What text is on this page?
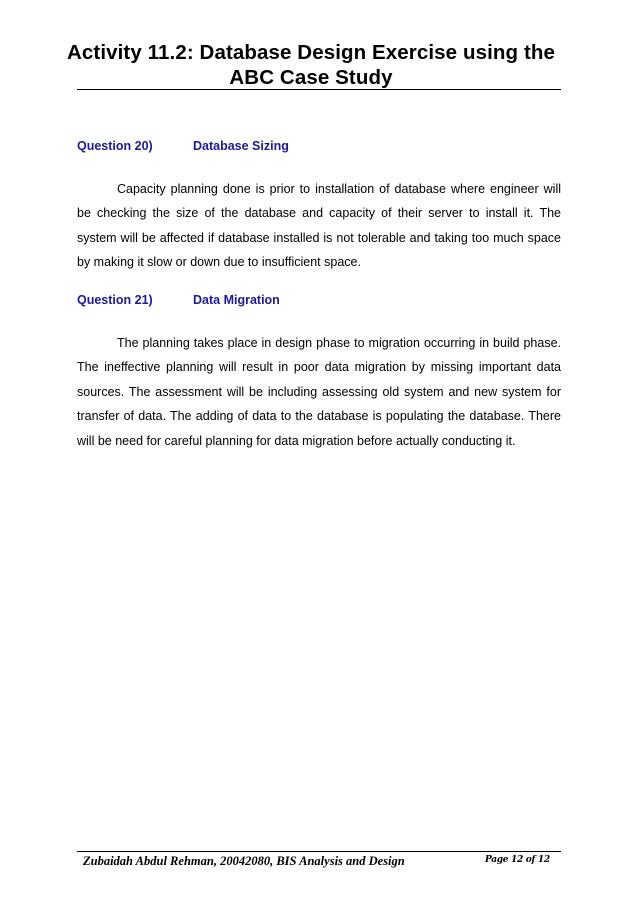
Activity 11.2: Database Design Exercise using the ABC Case Study
Question 20)	Database Sizing

Capacity planning done is prior to installation of database where engineer will be checking the size of the database and capacity of their server to install it. The system will be affected if database installed is not tolerable and taking too much space by making it slow or down due to insufficient space.

Question 21)	Data Migration

The planning takes place in design phase to migration occurring in build phase. The ineffective planning will result in poor data migration by missing important data sources. The assessment will be including assessing old system and new system for transfer of data. The adding of data to the database is populating the database. There will be need for careful planning for data migration before actually conducting it.

Zubaidah Abdul Rehman, 20042080, BIS Analysis and Design	Page 12 of 12
